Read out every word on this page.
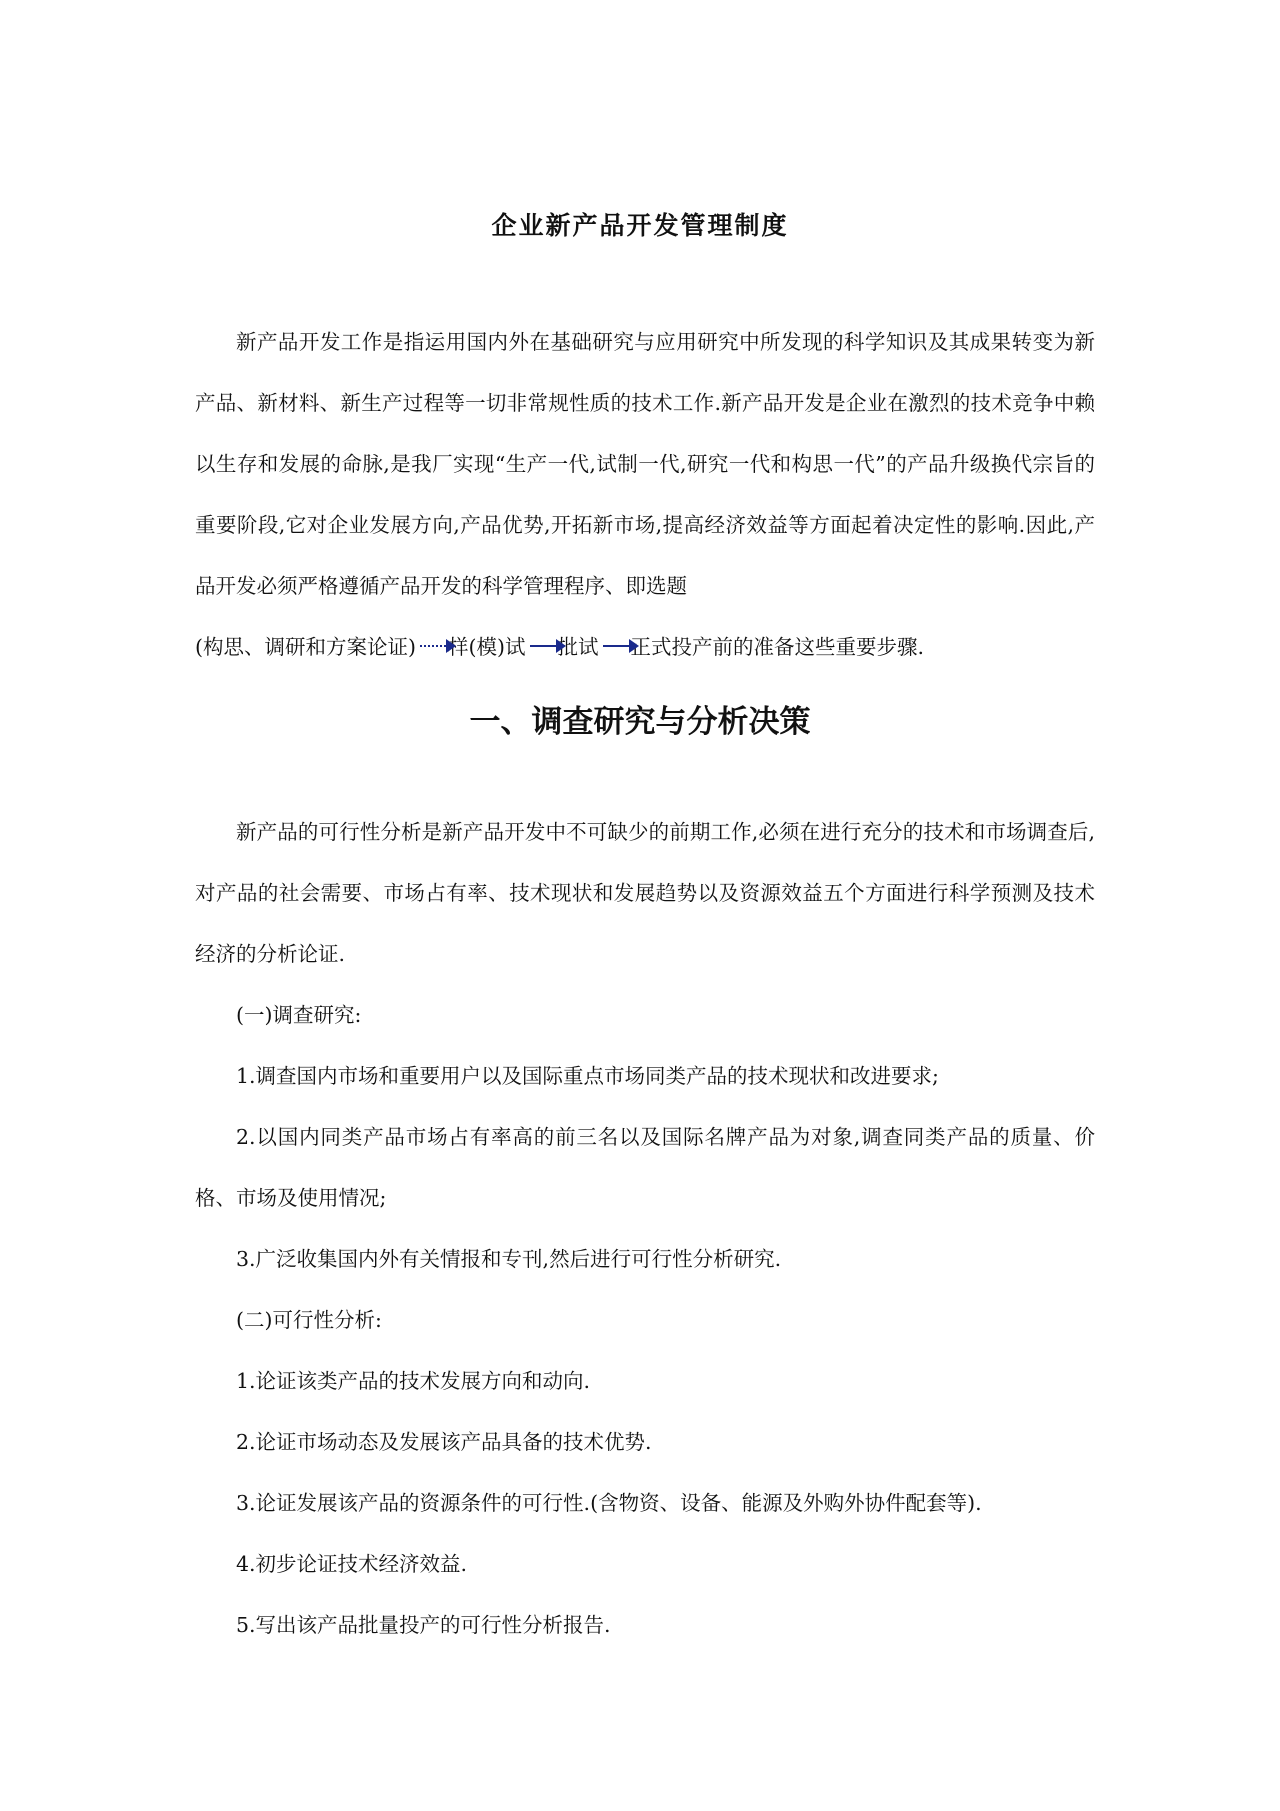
企业新产品开发管理制度

新产品开发工作是指运用国内外在基础研究与应用研究中所发现的科学知识及其成果转变为新产品、新材料、新生产过程等一切非常规性质的技术工作.新产品开发是企业在激烈的技术竞争中赖以生存和发展的命脉,是我厂实现“生产一代,试制一代,研究一代和构思一代”的产品升级换代宗旨的重要阶段,它对企业发展方向,产品优势,开拓新市场,提高经济效益等方面起着决定性的影响.因此,产品开发必须严格遵循产品开发的科学管理程序、即选题
(构思、调研和方案论证) 样(模)试 批试 正式投产前的准备这些重要步骤.

一、调查研究与分析决策

新产品的可行性分析是新产品开发中不可缺少的前期工作,必须在进行充分的技术和市场调查后,对产品的社会需要、市场占有率、技术现状和发展趋势以及资源效益五个方面进行科学预测及技术经济的分析论证.

(一)调查研究:

1.调查国内市场和重要用户以及国际重点市场同类产品的技术现状和改进要求;

2.以国内同类产品市场占有率高的前三名以及国际名牌产品为对象,调查同类产品的质量、价格、市场及使用情况;

3.广泛收集国内外有关情报和专刊,然后进行可行性分析研究.

(二)可行性分析:

1.论证该类产品的技术发展方向和动向.

2.论证市场动态及发展该产品具备的技术优势.

3.论证发展该产品的资源条件的可行性.(含物资、设备、能源及外购外协件配套等).

4.初步论证技术经济效益.

5.写出该产品批量投产的可行性分析报告.
